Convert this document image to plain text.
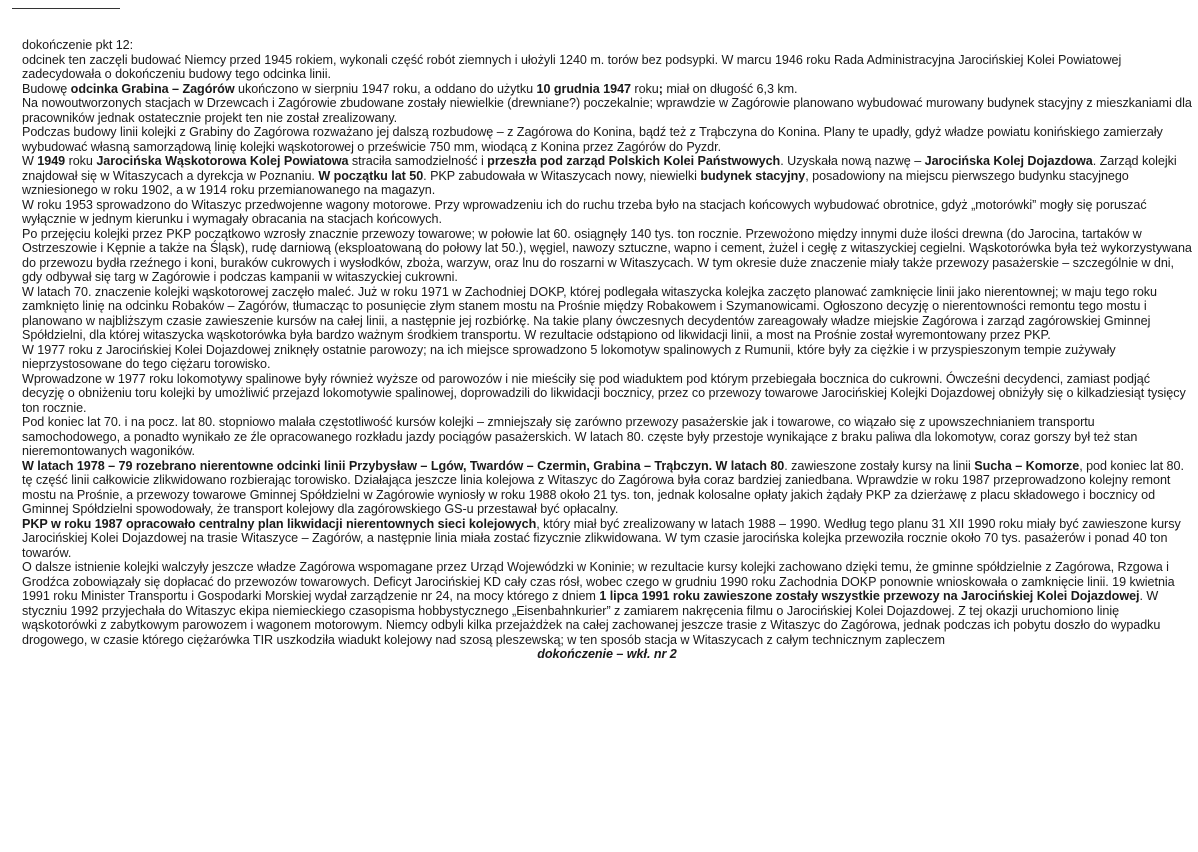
dokończenie pkt 12:

odcinek ten zaczęli budować Niemcy przed 1945 rokiem, wykonali część robót ziemnych i ułożyli 1240 m. torów bez podsypki. W marcu 1946 roku Rada Administracyjna Jarocińskiej Kolei Powiatowej zadecydowała o dokończeniu budowy tego odcinka linii.

Budowę odcinka Grabina – Zagórów ukończono w sierpniu 1947 roku, a oddano do użytku 10 grudnia 1947 roku; miał on długość 6,3 km.

Na nowoutworzonych stacjach w Drzewcach i Zagórowie zbudowane zostały niewielkie (drewniane?) poczekalnie; wprawdzie w Zagórowie planowano wybudować murowany budynek stacyjny z mieszkaniami dla pracowników jednak ostatecznie projekt ten nie został zrealizowany.

Podczas budowy linii kolejki z Grabiny do Zagórowa rozważano jej dalszą rozbudowę – z Zagórowa do Konina, bądź też z Trąbczyna do Konina. Plany te upadły, gdyż władze powiatu konińskiego zamierzały wybudować własną samorządową linię kolejki wąskotorowej o prześwicie 750 mm, wiodącą z Konina przez Zagórów do Pyzdr.

W 1949 roku Jarocińska Wąskotorowa Kolej Powiatowa straciła samodzielność i przeszła pod zarząd Polskich Kolei Państwowych. Uzyskała nową nazwę – Jarocińska Kolej Dojazdowa. Zarząd kolejki znajdował się w Witaszycach a dyrekcja w Poznaniu. W początku lat 50. PKP zabudowała w Witaszycach nowy, niewielki budynek stacyjny, posadowiony na miejscu pierwszego budynku stacyjnego wzniesionego w roku 1902, a w 1914 roku przemianowanego na magazyn.

W roku 1953 sprowadzono do Witaszyc przedwojenne wagony motorowe. Przy wprowadzeniu ich do ruchu trzeba było na stacjach końcowych wybudować obrotnice, gdyż „motorówki” mogły się poruszać wyłącznie w jednym kierunku i wymagały obracania na stacjach końcowych.

Po przejęciu kolejki przez PKP początkowo wzrosły znacznie przewozy towarowe; w połowie lat 60. osiągnęły 140 tys. ton rocznie. Przewożono między innymi duże ilości drewna (do Jarocina, tartaków w Ostrzeszowie i Kępnie a także na Śląsk), rudę darniową (eksploatowaną do połowy lat 50.), węgiel, nawozy sztuczne, wapno i cement, żużel i cegłę z witaszyckiej cegielni. Wąskotorówka była też wykorzystywana do przewozu bydła rzeźnego i koni, buraków cukrowych i wysłodków, zboża, warzyw, oraz lnu do roszarni w Witaszycach. W tym okresie duże znaczenie miały także przewozy pasażerskie – szczególnie w dni, gdy odbywał się targ w Zagórowie i podczas kampanii w witaszyckiej cukrowni.

W latach 70. znaczenie kolejki wąskotorowej zaczęło maleć. Już w roku 1971 w Zachodniej DOKP, której podlegała witaszycka kolejka zaczęto planować zamknięcie linii jako nierentownej; w maju tego roku zamknięto linię na odcinku Robaków – Zagórów, tłumacząc to posunięcie złym stanem mostu na Prośnie między Robakowem i Szymanowicami. Ogłoszono decyzję o nierentowności remontu tego mostu i planowano w najbliższym czasie zawieszenie kursów na całej linii, a następnie jej rozbiórkę. Na takie plany ówczesnych decydentów zareagowały władze miejskie Zagórowa i zarząd zagórowskiej Gminnej Spółdzielni, dla której witaszycka wąskotorówka była bardzo ważnym środkiem transportu. W rezultacie odstąpiono od likwidacji linii, a most na Prośnie został wyremontowany przez PKP.

W 1977 roku z Jarocińskiej Kolei Dojazdowej zniknęły ostatnie parowozy; na ich miejsce sprowadzono 5 lokomotyw spalinowych z Rumunii, które były za ciężkie i w przyspieszonym tempie zużywały nieprzystosowane do tego ciężaru torowisko.

Wprowadzone w 1977 roku lokomotywy spalinowe były również wyższe od parowozów i nie mieściły się pod wiaduktem pod którym przebiegała bocznica do cukrowni. Ówcześni decydenci, zamiast podjąć decyzję o obniżeniu toru kolejki by umożliwić przejazd lokomotywie spalinowej, doprowadzili do likwidacji bocznicy, przez co przewozy towarowe Jarocińskiej Kolejki Dojazdowej obniżyły się o kilkadziesiąt tysięcy ton rocznie.

Pod koniec lat 70. i na pocz. lat 80. stopniowo malała częstotliwość kursów kolejki – zmniejszały się zarówno przewozy pasażerskie jak i towarowe, co wiązało się z upowszechnianiem transportu samochodowego, a ponadto wynikało ze źle opracowanego rozkładu jazdy pociągów pasażerskich. W latach 80. częste były przestoje wynikające z braku paliwa dla lokomotyw, coraz gorszy był też stan nieremontowanych wagoników.

W latach 1978 – 79 rozebrano nierentowne odcinki linii Przybysław – Lgów, Twardów – Czermin, Grabina – Trąbczyn. W latach 80. zawieszone zostały kursy na linii Sucha – Komorze, pod koniec lat 80. tę część linii całkowicie zlikwidowano rozbierając torowisko. Działająca jeszcze linia kolejowa z Witaszyc do Zagórowa była coraz bardziej zaniedbana. Wprawdzie w roku 1987 przeprowadzono kolejny remont mostu na Prośnie, a przewozy towarowe Gminnej Spółdzielni w Zagórowie wyniosły w roku 1988 około 21 tys. ton, jednak kolosalne opłaty jakich żądały PKP za dzierżawę z placu składowego i bocznicy od Gminnej Spółdzielni spowodowały, że transport kolejowy dla zagórowskiego GS-u przestawał być opłacalny.

PKP w roku 1987 opracowało centralny plan likwidacji nierentownych sieci kolejowych, który miał być zrealizowany w latach 1988 – 1990. Według tego planu 31 XII 1990 roku miały być zawieszone kursy Jarocińskiej Kolei Dojazdowej na trasie Witaszyce – Zagórów, a następnie linia miała zostać fizycznie zlikwidowana. W tym czasie jarocińska kolejka przewoziła rocznie około 70 tys. pasażerów i ponad 40 ton towarów.

O dalsze istnienie kolejki walczyły jeszcze władze Zagórowa wspomagane przez Urząd Wojewódzki w Koninie; w rezultacie kursy kolejki zachowano dzięki temu, że gminne spółdzielnie z Zagórowa, Rzgowa i Grodźca zobowiązały się dopłacać do przewozów towarowych. Deficyt Jarocińskiej KD cały czas rósł, wobec czego w grudniu 1990 roku Zachodnia DOKP ponownie wnioskowała o zamknięcie linii. 19 kwietnia 1991 roku Minister Transportu i Gospodarki Morskiej wydał zarządzenie nr 24, na mocy którego z dniem 1 lipca 1991 roku zawieszone zostały wszystkie przewozy na Jarocińskiej Kolei Dojazdowej. W styczniu 1992 przyjechała do Witaszyc ekipa niemieckiego czasopisma hobbystycznego „Eisenbahnkurier” z zamiarem nakręcenia filmu o Jarocińskiej Kolei Dojazdowej. Z tej okazji uruchomiono linię wąskotorówki z zabytkowym parowozem i wagonem motorowym. Niemcy odbyli kilka przejażdżek na całej zachowanej jeszcze trasie z Witaszyc do Zagórowa, jednak podczas ich pobytu doszło do wypadku drogowego, w czasie którego ciężarówka TIR uszkodziła wiadukt kolejowy nad szosą pleszewską; w ten sposób stacja w Witaszycach z całym technicznym zapleczem

dokończenie – wkł. nr 2
